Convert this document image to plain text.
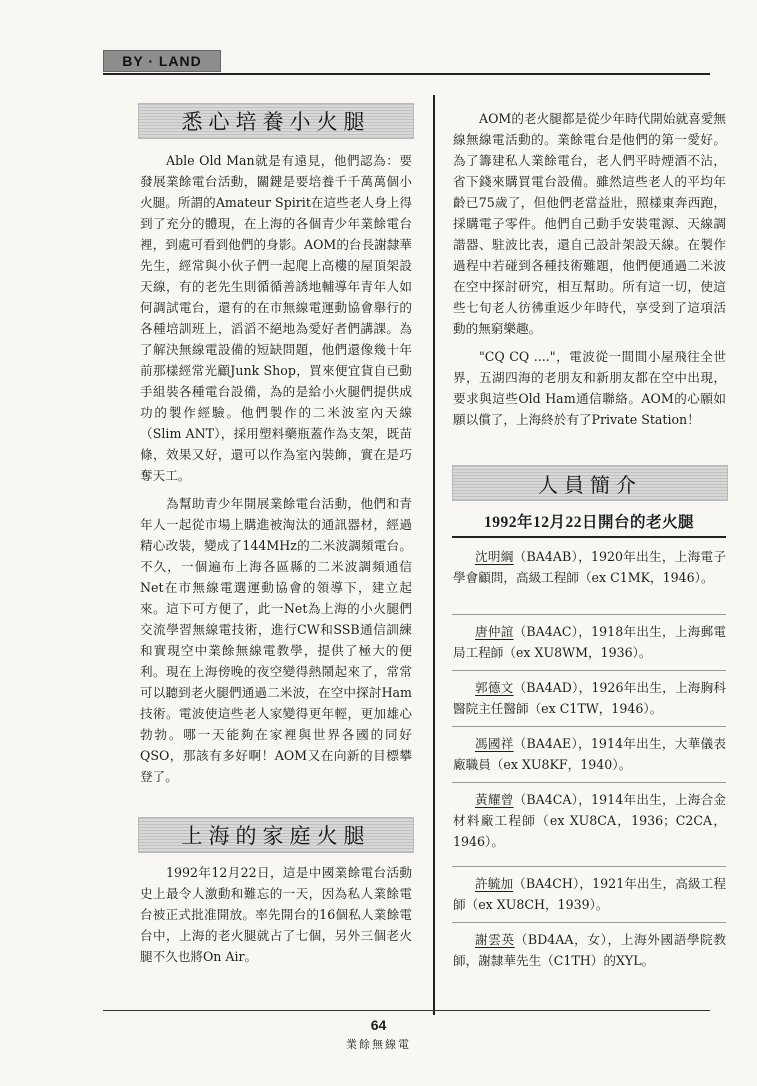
BY · LAND
悉心培養小火腿

Able Old Man就是有遠見，他們認為：要發展業餘電台活動，關鍵是要培養千千萬萬個小火腿。所謂的Amateur Spirit在這些老人身上得到了充分的體現，在上海的各個青少年業餘電台裡，到處可看到他們的身影。AOM的台長謝隸華先生，經常與小伙子們一起爬上高樓的屋頂架設天線，有的老先生則循循善誘地輔導年青年人如何調試電台，還有的在市無線電運動協會舉行的各種培訓班上，滔滔不絕地為愛好者們講課。為了解決無線電設備的短缺問題，他們還像幾十年前那樣經常光顧Junk Shop，買來便宜貨自已動手組裝各種電台設備，為的是給小火腿們提供成功的製作經驗。他們製作的二米波室內天線（Slim ANT），採用塑料藥瓶蓋作為支架，既苗條，效果又好，還可以作為室內裝飾，實在是巧奪天工。

為幫助青少年開展業餘電台活動，他們和青年人一起從市場上購進被淘汰的通訊器材，經過精心改裝，變成了144MHz的二米波調頻電台。不久，一個遍布上海各區縣的二米波調頻通信Net在市無線電選運動協會的領導下，建立起來。這下可方便了，此一Net為上海的小火腿們交流學習無線電技術，進行CW和SSB通信訓練和實現空中業餘無線電教學，提供了極大的便利。現在上海傍晚的夜空變得熱鬧起來了，常常可以聽到老火腿們通過二米波，在空中探討Ham技術。電波使這些老人家變得更年輕，更加雄心勃勃。哪一天能夠在家裡與世界各國的同好QSO，那該有多好啊！AOM又在向新的目標攀登了。

上海的家庭火腿

1992年12月22日，這是中國業餘電台活動史上最令人激動和難忘的一天，因為私人業餘電台被正式批准開放。率先開台的16個私人業餘電台中，上海的老火腿就占了七個，另外三個老火腿不久也將On Air。

AOM的老火腿都是從少年時代開始就喜愛無線無線電活動的。業餘電台是他們的第一愛好。為了籌建私人業餘電台，老人們平時煙酒不沾，省下錢來購買電台設備。雖然這些老人的平均年齡已75歲了，但他們老當益壯，照樣東奔西跑，採購電子零件。他們自己動手安裝電源、天線調諧器、駐波比表，還自己設計架設天線。在製作過程中若碰到各種技術難題，他們便通過二米波在空中探討研究，相互幫助。所有這一切，使這些七旬老人彷彿重返少年時代，享受到了這項活動的無窮樂趣。

"CQ CQ ...."，電波從一間間小屋飛往全世界，五湖四海的老朋友和新朋友都在空中出現，要求與這些Old Ham通信聯絡。AOM的心願如願以償了，上海終於有了Private Station！

人員簡介
1992年12月22日開台的老火腿

沈明綱（BA4AB），1920年出生，上海電子學會顧問，高級工程師（ex C1MK，1946）。

唐仲誼（BA4AC），1918年出生，上海郵電局工程師（ex XU8WM，1936）。

郭德文（BA4AD），1926年出生，上海胸科醫院主任醫師（ex C1TW，1946）。

馮國祥（BA4AE），1914年出生，大華儀表廠職員（ex XU8KF，1940）。

黃耀曾（BA4CA），1914年出生，上海合金材料廠工程師（ex XU8CA，1936；C2CA，1946）。

許毓加（BA4CH），1921年出生，高級工程師（ex XU8CH，1939）。

謝雲英（BD4AA，女），上海外國語學院教師，謝隸華先生（C1TH）的XYL。

64
業餘無線電
